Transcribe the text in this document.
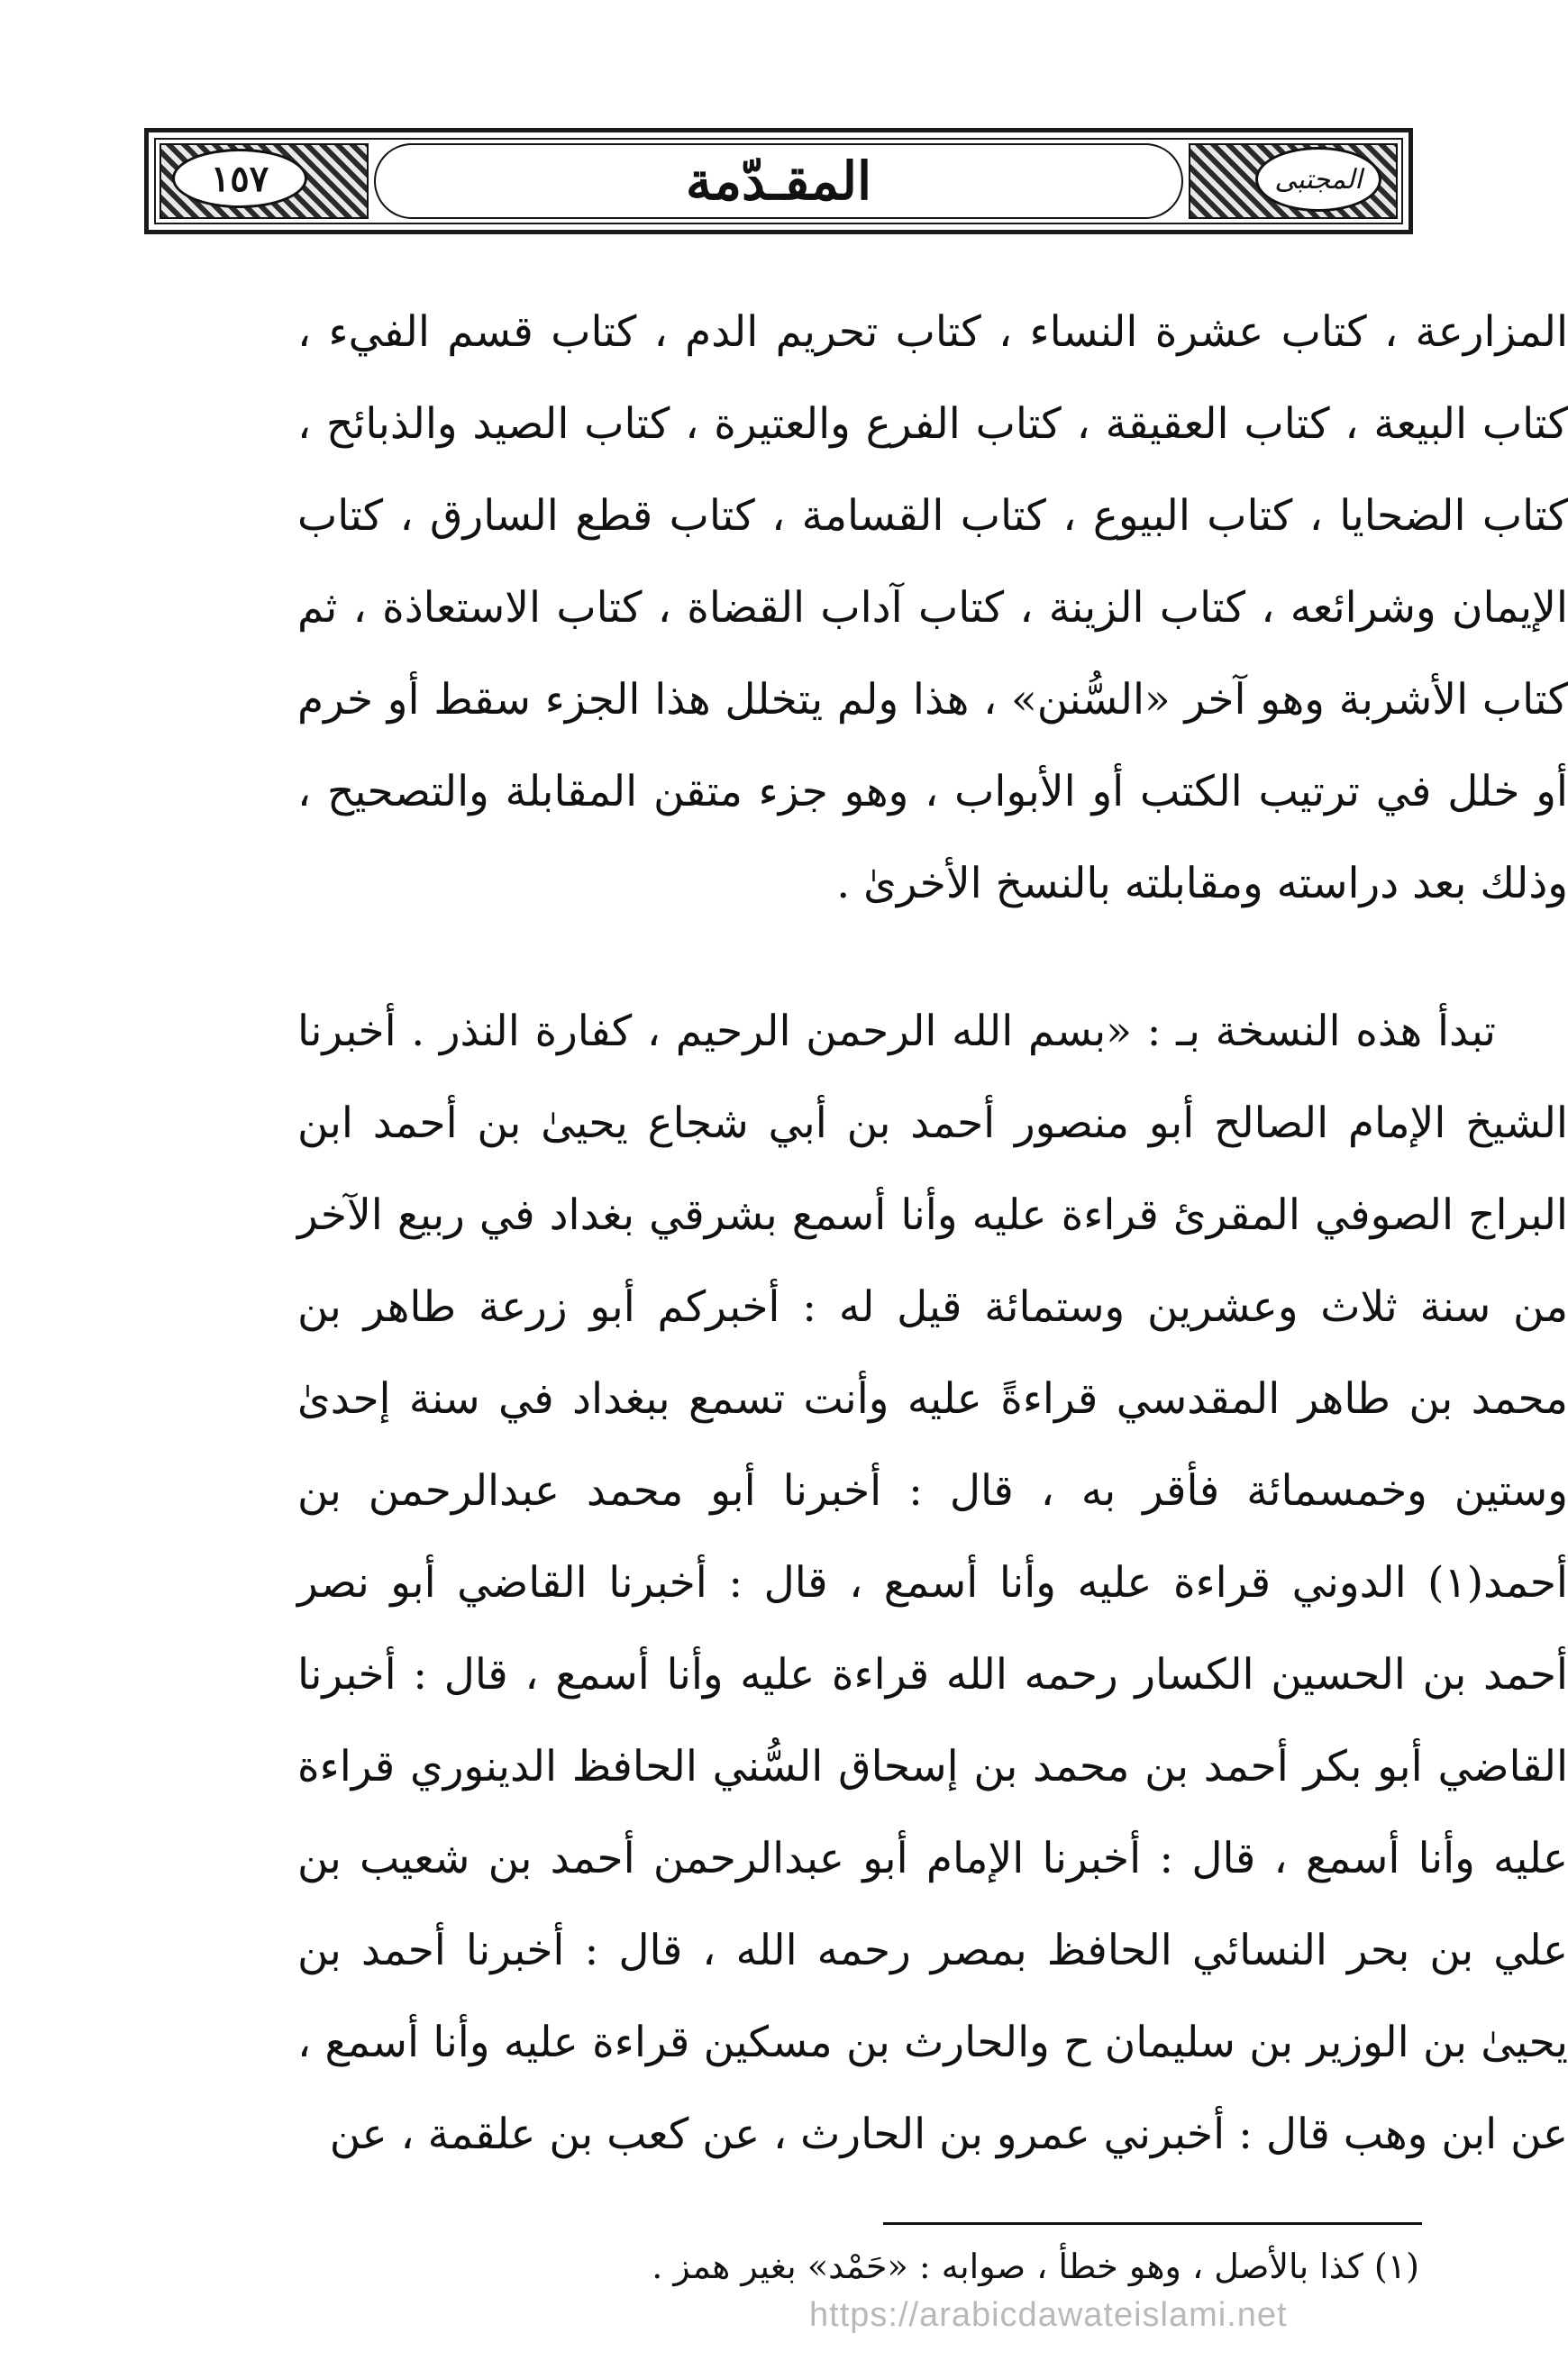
١٥٧	المقـدّمة	المجتبى

المزارعة ، كتاب عشرة النساء ، كتاب تحريم الدم ، كتاب قسم الفيء ، كتاب البيعة ، كتاب العقيقة ، كتاب الفرع والعتيرة ، كتاب الصيد والذبائح ، كتاب الضحايا ، كتاب البيوع ، كتاب القسامة ، كتاب قطع السارق ، كتاب الإيمان وشرائعه ، كتاب الزينة ، كتاب آداب القضاة ، كتاب الاستعاذة ، ثم كتاب الأشربة وهو آخر «السُّنن» ، هذا ولم يتخلل هذا الجزء سقط أو خرم أو خلل في ترتيب الكتب أو الأبواب ، وهو جزء متقن المقابلة والتصحيح ، وذلك بعد دراسته ومقابلته بالنسخ الأخرىٰ .

تبدأ هذه النسخة بـ : «بسم الله الرحمن الرحيم ، كفارة النذر . أخبرنا الشيخ الإمام الصالح أبو منصور أحمد بن أبي شجاع يحيىٰ بن أحمد ابن البراج الصوفي المقرئ قراءة عليه وأنا أسمع بشرقي بغداد في ربيع الآخر من سنة ثلاث وعشرين وستمائة قيل له : أخبركم أبو زرعة طاهر بن محمد بن طاهر المقدسي قراءةً عليه وأنت تسمع ببغداد في سنة إحدىٰ وستين وخمسمائة فأقر به ، قال : أخبرنا أبو محمد عبدالرحمن بن أحمد(١) الدوني قراءة عليه وأنا أسمع ، قال : أخبرنا القاضي أبو نصر أحمد بن الحسين الكسار رحمه الله قراءة عليه وأنا أسمع ، قال : أخبرنا القاضي أبو بكر أحمد بن محمد بن إسحاق السُّني الحافظ الدينوري قراءة عليه وأنا أسمع ، قال : أخبرنا الإمام أبو عبدالرحمن أحمد بن شعيب بن علي بن بحر النسائي الحافظ بمصر رحمه الله ، قال : أخبرنا أحمد بن يحيىٰ بن الوزير بن سليمان ح والحارث بن مسكين قراءة عليه وأنا أسمع ، عن ابن وهب قال : أخبرني عمرو بن الحارث ، عن كعب بن علقمة ، عن

(١) كذا بالأصل ، وهو خطأ ، صوابه : «حَمْد» بغير همز .

https://arabicdawateislami.net
